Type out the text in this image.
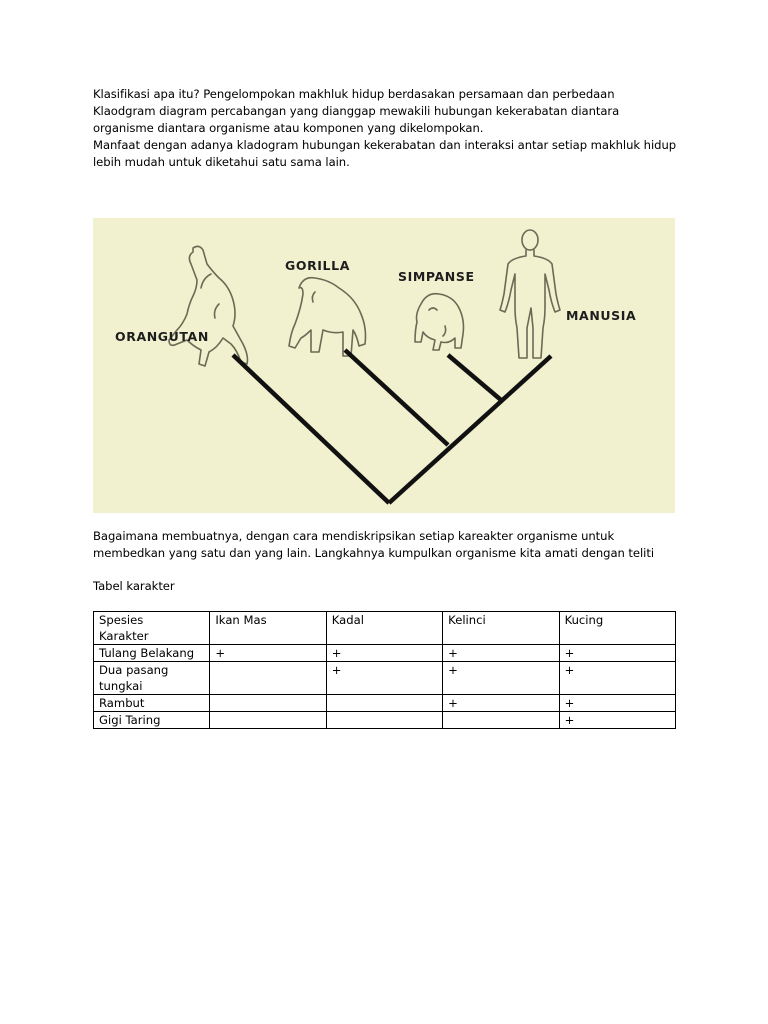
Klasifikasi apa itu? Pengelompokan makhluk hidup berdasakan persamaan dan perbedaan
Klaodgram diagram percabangan yang dianggap mewakili hubungan kekerabatan diantara
organisme diantara organisme atau komponen yang dikelompokan.
Manfaat dengan adanya kladogram hubungan kekerabatan dan interaksi antar setiap makhluk hidup
lebih mudah untuk diketahui satu sama lain.
ORANGUTAN
GORILLA
SIMPANSE
MANUSIA
Bagaimana membuatnya, dengan cara mendiskripsikan setiap kareakter organisme untuk
membedkan yang satu dan yang lain. Langkahnya kumpulkan organisme kita amati dengan teliti
Tabel karakter
Spesies
Karakter	Ikan Mas	Kadal	Kelinci	Kucing
Tulang Belakang	+	+	+	+

Dua pasang
tungkai		+	+	+
Rambut			+	+
Gigi Taring				+
